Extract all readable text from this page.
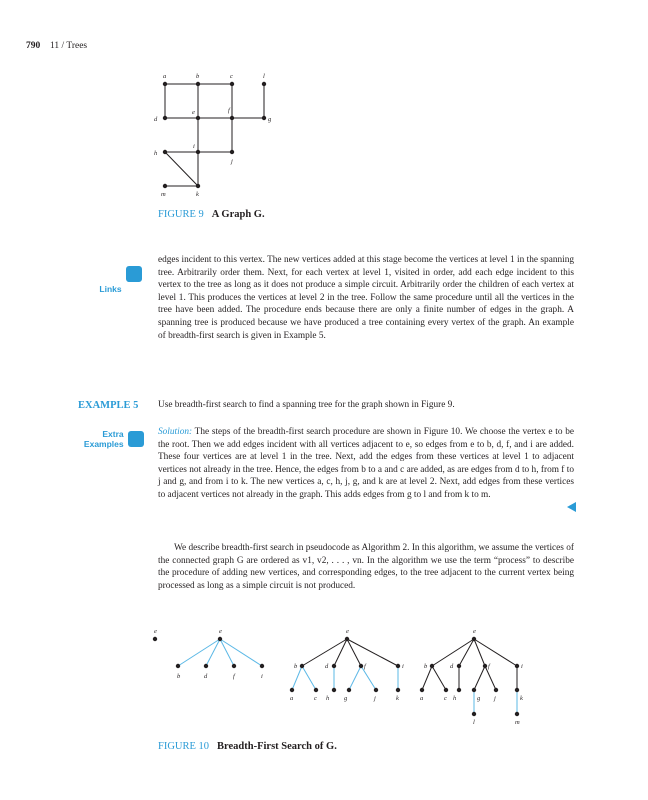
790 11 / Trees
a	b	c	l
d
e	f
g
h
i
j
m	k
FIGURE 9 A Graph G.
Links

edges incident to this vertex. The new vertices added at this stage become the vertices at level 1 in the spanning tree. Arbitrarily order them. Next, for each vertex at level 1, visited in order, add each edge incident to this vertex to the tree as long as it does not produce a simple circuit. Arbitrarily order the children of each vertex at level 1. This produces the vertices at level 2 in the tree. Follow the same procedure until all the vertices in the tree have been added. The procedure ends because there are only a finite number of edges in the graph. A spanning tree is produced because we have produced a tree containing every vertex of the graph. An example of breadth-first search is given in Example 5.

EXAMPLE 5 Use breadth-first search to find a spanning tree for the graph shown in Figure 9.
Extra
Examples

Solution: The steps of the breadth-first search procedure are shown in Figure 10. We choose the vertex e to be the root. Then we add edges incident with all vertices adjacent to e, so edges from e to b, d, f, and i are added. These four vertices are at level 1 in the tree. Next, add the edges from these vertices at level 1 to adjacent vertices not already in the tree. Hence, the edges from b to a and c are added, as are edges from d to h, from f to j and g, and from i to k. The new vertices a, c, h, j, g, and k are at level 2. Next, add edges from these vertices to adjacent vertices not already in the graph. This adds edges from g to l and from k to m.

We describe breadth-first search in pseudocode as Algorithm 2. In this algorithm, we assume the vertices of the connected graph G are ordered as v1, v2, . . . , vn. In the algorithm we use the term “process” to describe the procedure of adding new vertices, and corresponding edges, to the tree adjacent to the current vertex being processed as long as a simple circuit is not produced.

e	e
b	d	f	i
e
b	d	f	i
a	c h g	j	k
e
b	d	f	i
a	c h	g j	k
l	m
FIGURE 10 Breadth-First Search of G.
